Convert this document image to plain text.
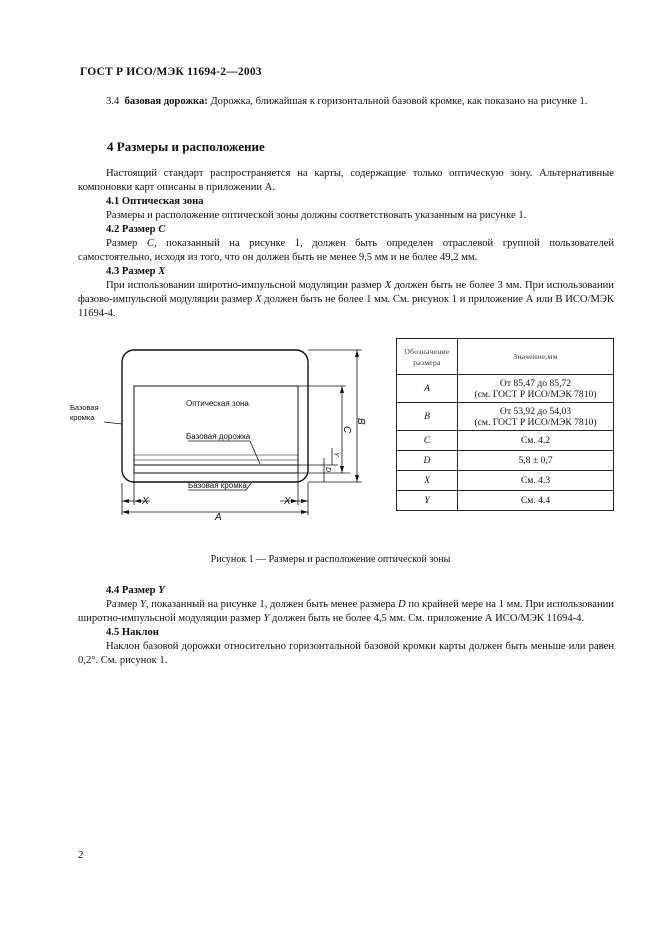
ГОСТ Р ИСО/МЭК 11694-2—2003

3.4 базовая дорожка: Дорожка, ближайшая к горизонтальной базовой кромке, как показано на рисунке 1.

4 Размеры и расположение

Настоящий стандарт распространяется на карты, содержащие только оптическую зону. Альтернативные компоновки карт описаны в приложении А.

4.1 Оптическая зона

Размеры и расположение оптической зоны должны соответствовать указанным на рисунке 1.

4.2 Размер C

Размер C, показанный на рисунке 1, должен быть определен отраслевой группой пользователей самостоятельно, исходя из того, что он должен быть не менее 9,5 мм и не более 49,2 мм.

4.3 Размер X

При использовании широтно-импульсной модуляции размер X должен быть не более 3 мм. При использовании фазово-импульсной модуляции размер X должен быть не более 1 мм. См. рисунок 1 и приложение А или В ИСО/МЭК 11694-4.

Оптическая зона
Базовая дорожка
Базовая кромка
Базовая
кромка
X	X
A
B
C
D
Y
Обозначение
размера	Значение,мм
A	От 85,47 до 85,72
(см. ГОСТ Р ИСО/МЭК 7810)
B	От 53,92 до 54,03
(см. ГОСТ Р ИСО/МЭК 7810)
C	См. 4.2
D	5,8 ± 0,7
X	См. 4.3
Y	См. 4.4
Рисунок 1 — Размеры и расположение оптической зоны

4.4 Размер Y

Размер Y, показанный на рисунке 1, должен быть менее размера D по крайней мере на 1 мм. При использовании широтно-импульсной модуляции размер Y должен быть не более 4,5 мм. См. приложение А ИСО/МЭК 11694-4.

4.5 Наклон

Наклон базовой дорожки относительно горизонтальной базовой кромки карты должен быть меньше или равен 0,2°. См. рисунок 1.

2
